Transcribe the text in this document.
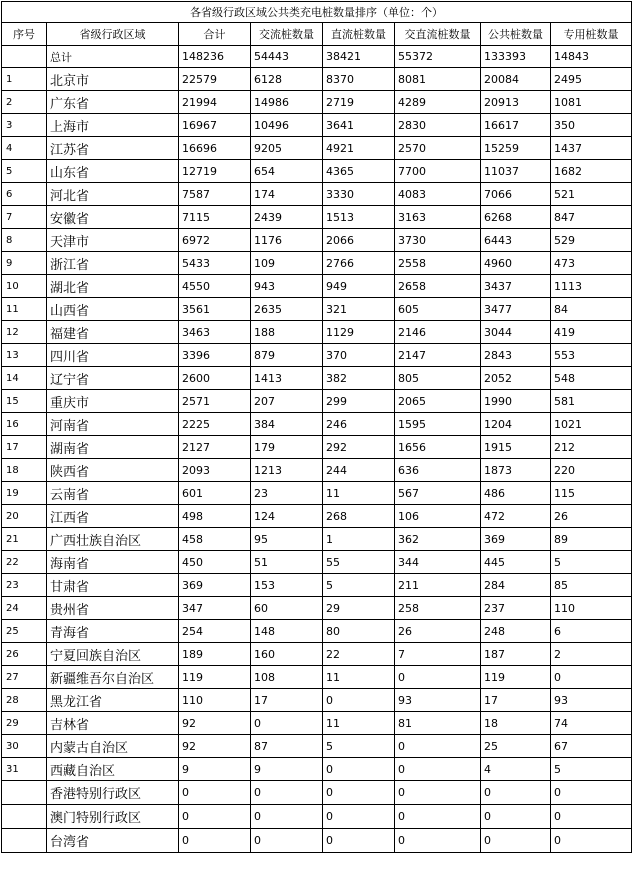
各省级行政区域公共类充电桩数量排序（单位：个）							
序号	省级行政区域	合计	交流桩数量	直流桩数量	交直流桩数量	公共桩数量	专用桩数量
	总计	148236	54443	38421	55372	133393	14843
1	北京市	22579	6128	8370	8081	20084	2495
2	广东省	21994	14986	2719	4289	20913	1081
3	上海市	16967	10496	3641	2830	16617	350
4	江苏省	16696	9205	4921	2570	15259	1437
5	山东省	12719	654	4365	7700	11037	1682
6	河北省	7587	174	3330	4083	7066	521
7	安徽省	7115	2439	1513	3163	6268	847
8	天津市	6972	1176	2066	3730	6443	529
9	浙江省	5433	109	2766	2558	4960	473
10	湖北省	4550	943	949	2658	3437	1113
11	山西省	3561	2635	321	605	3477	84
12	福建省	3463	188	1129	2146	3044	419
13	四川省	3396	879	370	2147	2843	553
14	辽宁省	2600	1413	382	805	2052	548
15	重庆市	2571	207	299	2065	1990	581
16	河南省	2225	384	246	1595	1204	1021
17	湖南省	2127	179	292	1656	1915	212
18	陕西省	2093	1213	244	636	1873	220
19	云南省	601	23	11	567	486	115
20	江西省	498	124	268	106	472	26
21	广西壮族自治区	458	95	1	362	369	89
22	海南省	450	51	55	344	445	5
23	甘肃省	369	153	5	211	284	85
24	贵州省	347	60	29	258	237	110
25	青海省	254	148	80	26	248	6
26	宁夏回族自治区	189	160	22	7	187	2
27	新疆维吾尔自治区	119	108	11	0	119	0
28	黑龙江省	110	17	0	93	17	93
29	吉林省	92	0	11	81	18	74
30	内蒙古自治区	92	87	5	0	25	67
31	西藏自治区	9	9	0	0	4	5
	香港特别行政区	0	0	0	0	0	0
	澳门特别行政区	0	0	0	0	0	0
	台湾省	0	0	0	0	0	0
